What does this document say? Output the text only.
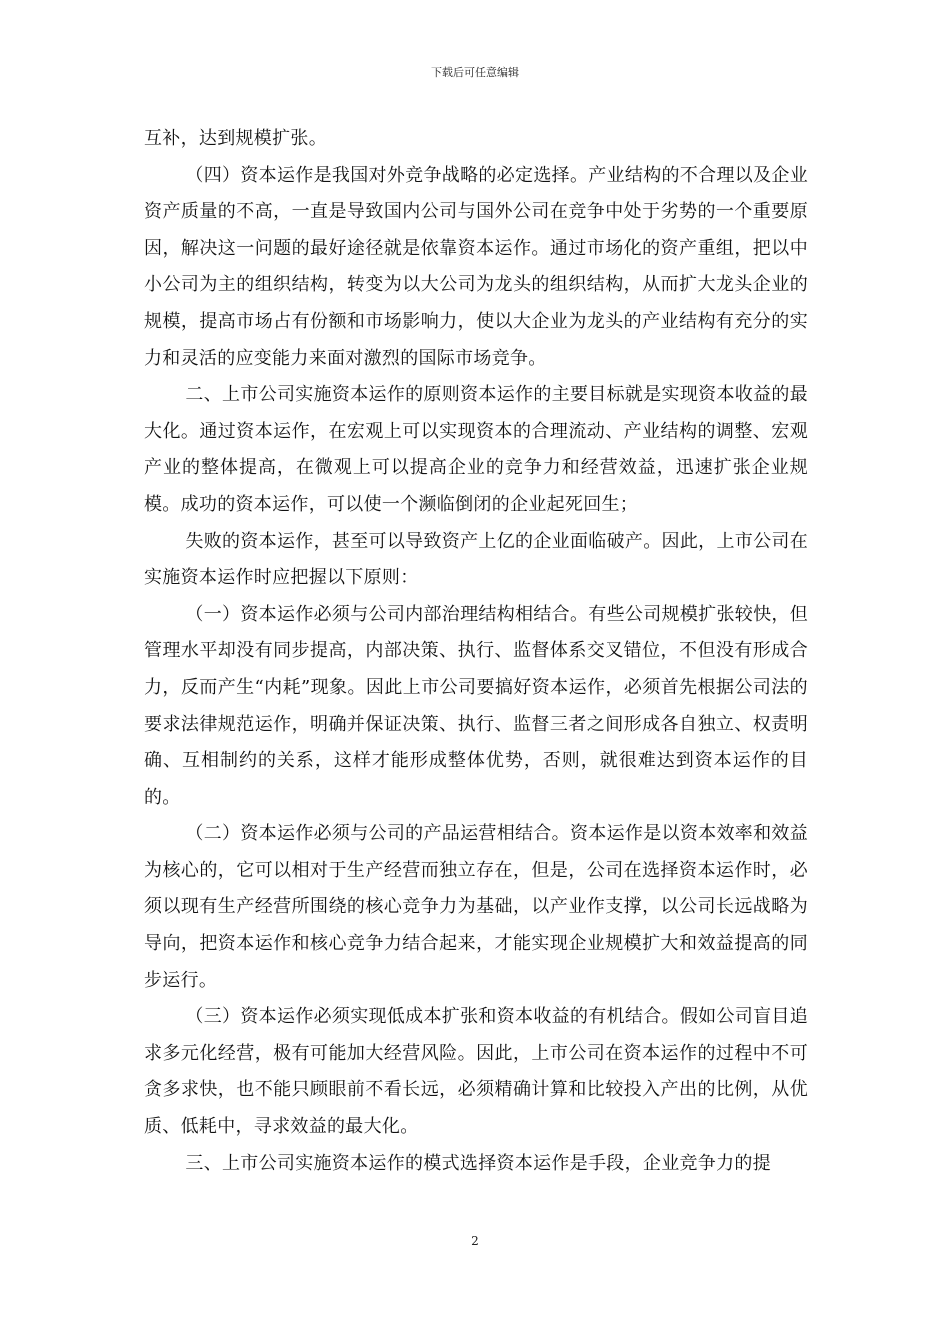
下载后可任意编辑

互补，达到规模扩张。

（四）资本运作是我国对外竞争战略的必定选择。产业结构的不合理以及企业资产质量的不高，一直是导致国内公司与国外公司在竞争中处于劣势的一个重要原因，解决这一问题的最好途径就是依靠资本运作。通过市场化的资产重组，把以中小公司为主的组织结构，转变为以大公司为龙头的组织结构，从而扩大龙头企业的规模，提高市场占有份额和市场影响力，使以大企业为龙头的产业结构有充分的实力和灵活的应变能力来面对激烈的国际市场竞争。

二、上市公司实施资本运作的原则资本运作的主要目标就是实现资本收益的最大化。通过资本运作，在宏观上可以实现资本的合理流动、产业结构的调整、宏观产业的整体提高，在微观上可以提高企业的竞争力和经营效益，迅速扩张企业规模。成功的资本运作，可以使一个濒临倒闭的企业起死回生；

失败的资本运作，甚至可以导致资产上亿的企业面临破产。因此，上市公司在实施资本运作时应把握以下原则：

（一）资本运作必须与公司内部治理结构相结合。有些公司规模扩张较快，但管理水平却没有同步提高，内部决策、执行、监督体系交叉错位，不但没有形成合力，反而产生“内耗”现象。因此上市公司要搞好资本运作，必须首先根据公司法的要求法律规范运作，明确并保证决策、执行、监督三者之间形成各自独立、权责明确、互相制约的关系，这样才能形成整体优势，否则，就很难达到资本运作的目的。

（二）资本运作必须与公司的产品运营相结合。资本运作是以资本效率和效益为核心的，它可以相对于生产经营而独立存在，但是，公司在选择资本运作时，必须以现有生产经营所围绕的核心竞争力为基础，以产业作支撑，以公司长远战略为导向，把资本运作和核心竞争力结合起来，才能实现企业规模扩大和效益提高的同步运行。

（三）资本运作必须实现低成本扩张和资本收益的有机结合。假如公司盲目追求多元化经营，极有可能加大经营风险。因此，上市公司在资本运作的过程中不可贪多求快，也不能只顾眼前不看长远，必须精确计算和比较投入产出的比例，从优质、低耗中，寻求效益的最大化。

三、上市公司实施资本运作的模式选择资本运作是手段，企业竞争力的提

2
